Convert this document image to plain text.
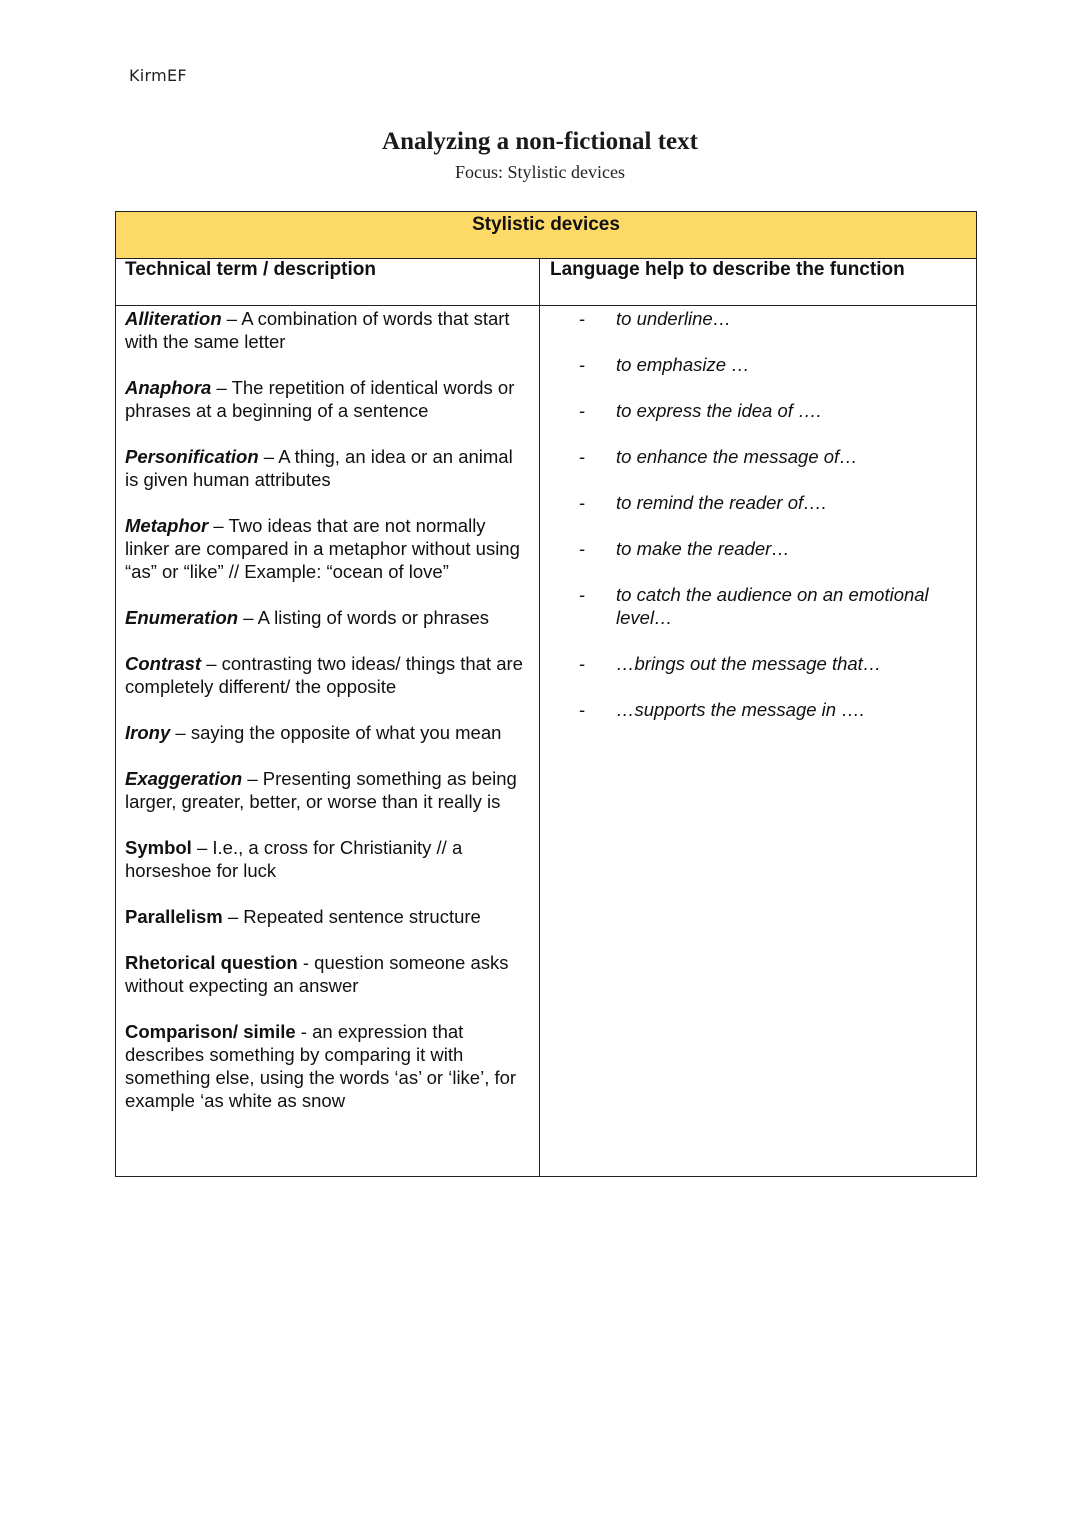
KirmEF
Analyzing a non-fictional text
Focus: Stylistic devices
Stylistic devices
Technical term / description	Language help to describe the function

Alliteration – A combination of words that start with the same letter

Anaphora – The repetition of identical words or phrases at a beginning of a sentence

Personification – A thing, an idea or an animal is given human attributes

Metaphor – Two ideas that are not normally linker are compared in a metaphor without using “as” or “like” // Example: “ocean of love”

Enumeration – A listing of words or phrases

Contrast – contrasting two ideas/ things that are completely different/ the opposite

Irony – saying the opposite of what you mean

Exaggeration – Presenting something as being larger, greater, better, or worse than it really is

Symbol – I.e., a cross for Christianity // a horseshoe for luck

Parallelism – Repeated sentence structure

Rhetorical question - question someone asks without expecting an answer

Comparison/ simile - an expression that describes something by comparing it with something else, using the words ‘as’ or ‘like’, for example ‘as white as snow

- to underline…
- to emphasize …
- to express the idea of ….
- to enhance the message of…
- to remind the reader of….
- to make the reader…
- to catch the audience on an emotional level…
- …brings out the message that…
- …supports the message in ….
